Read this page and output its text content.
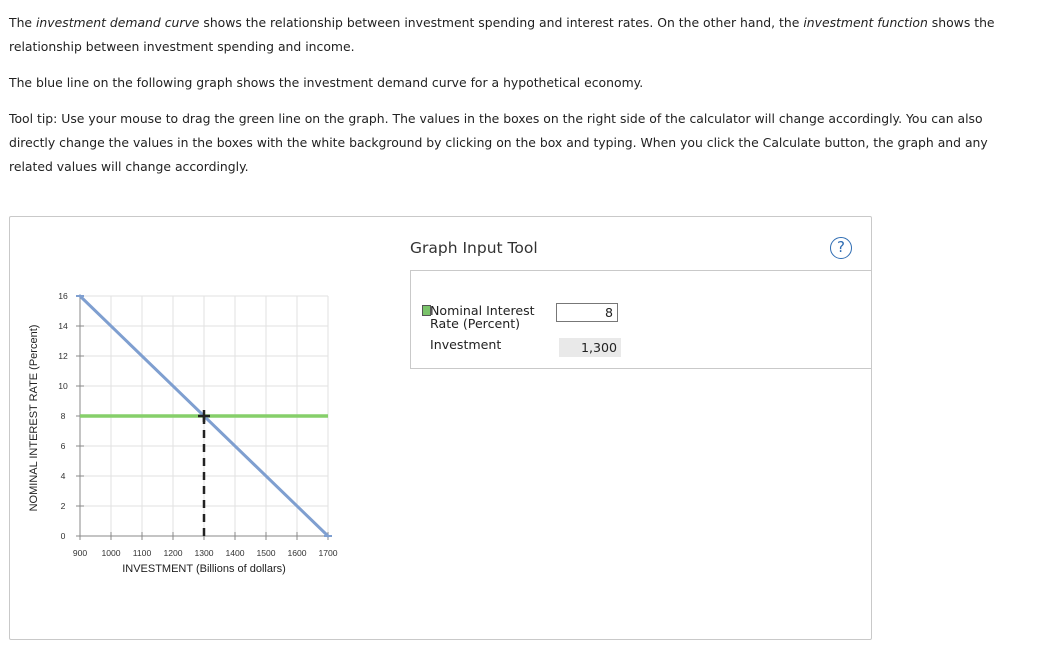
The investment demand curve shows the relationship between investment spending and interest rates. On the other hand, the investment function shows the relationship between investment spending and income.

The blue line on the following graph shows the investment demand curve for a hypothetical economy.

Tool tip: Use your mouse to drag the green line on the graph. The values in the boxes on the right side of the calculator will change accordingly. You can also directly change the values in the boxes with the white background by clicking on the box and typing. When you click the Calculate button, the graph and any related values will change accordingly.

900 1000 1100 1200 1300 1400 1500 1600 1700
0
2
4
6
8
10
12
14
16
INVESTMENT (Billions of dollars)
NOMINAL INTEREST RATE (Percent)
Graph Input Tool	?
Nominal Interest Rate (Percent)
8
Investment	1,300
